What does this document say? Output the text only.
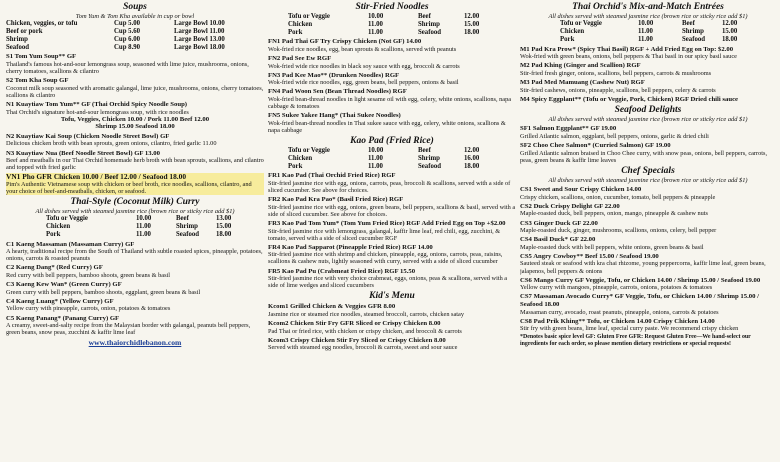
Soups
Tom Yum & Tom Kha available in cup or bowl
Chicken, veggies, or tofu	Cup 5.00	Large Bowl 10.00
Beef or pork	Cup 5.60	Large Bowl 11.00
Shrimp	Cup 6.00	Large Bowl 13.00
Seafood	Cup 8.90	Large Bowl 18.00
S1 Tom Yum Soup** GF
Thailand's famous hot-and-sour lemongrass soup, seasoned with lime juice, mushrooms, onions, cherry tomatoes, scallions & cilantro
S2 Tom Kha Soup GF
Coconut milk soup seasoned with aromatic galangal, lime juice, mushrooms, onions, cherry tomatoes, scallions & cilantro
N1 Kuaytiaw Tom Yum** GF (Thai Orchid Spicy Noodle Soup)
Thai Orchid's signature hot-and-sour lemongrass soup, with rice noodles
Tofu, Veggies, Chicken 10.00 / Pork 11.00 Beef 12.00
Shrimp 15.00 Seafood 18.00
N2 Kuaytiaw Kai Soup (Chicken Noodle Street Bowl) GF
Delicious chicken broth with bean sprouts, green onions, cilantro, fried garlic 11.00
N3 Kuaytiaw Nua (Beef Noodle Street Bowl) GF 13.00
Beef and meatballs in our Thai Orchid homemade herb broth with bean sprouts, scallions, and cilantro and topped with fried garlic
VN1 Pho GFR Chicken 10.00 / Beef 12.00 / Seafood 18.00
Pim's Authentic Vietnamese soup with chicken or beef broth, rice noodles, scallions, cilantro, and your choice of beef-and-meatballs, chicken, or seafood.
Thai-Style (Coconut Milk) Curry
All dishes served with steamed jasmine rice (brown rice or sticky rice add $1)
Tofu or Veggie	10.00	Beef	13.00
Chicken	11.00	Shrimp	15.00
Pork	11.00	Seafood	18.00
C1 Kaeng Massaman (Massaman Curry) GF
A hearty, traditional recipe from the South of Thailand with subtle roasted spices, pineapple, potatoes, onions, carrots & roasted peanuts
C2 Kaeng Dang* (Red Curry) GF
Red curry with bell peppers, bamboo shoots, green beans & basil
C3 Kaeng Kew Wan* (Green Curry) GF
Green curry with bell peppers, bamboo shoots, eggplant, green beans & basil
C4 Kaeng Luang* (Yellow Curry) GF
Yellow curry with pineapple, carrots, onion, potatoes & tomatoes
C5 Kaeng Panang* (Panang Curry) GF
A creamy, sweet-and-salty recipe from the Malaysian border with galangal, peanuts bell peppers, green beans, snow peas, zucchini & kaffir lime leaf
www.thaiorchidlebanon.com
Stir-Fried Noodles
Tofu or Veggie	10.00	Beef	12.00
Chicken	11.00	Shrimp	15.00
Pork	11.00	Seafood	18.00
FN1 Pad Thai GF Try Crispy Chicken (Not GF) 14.00
Wok-fried rice noodles, egg, bean sprouts & scallions, served with peanuts
FN2 Pad See Ew RGF
Wok-fried wide rice noodles in black soy sauce with egg, broccoli & carrots
FN3 Pad Kee Mao** (Drunken Noodles) RGF
Wok-fried wide rice noodles, egg, green beans, bell peppers, onions & basil
FN4 Pad Woon Sen (Bean Thread Noodles) RGF
Wok-fried bean-thread noodles in light sesame oil with egg, celery, white onions, scallions, napa cabbage & tomatoes
FN5 Sukee Yakee Hang* (Thai Sukee Noodles)
Wok-fried bean-thread noodles in Thai sukee sauce with egg, celery, white onions, scallions & napa cabbage
Kao Pad (Fried Rice)
Tofu or Veggie	10.00	Beef	12.00
Chicken	11.00	Shrimp	16.00
Pork	11.00	Seafood	18.00
FR1 Kao Pad (Thai Orchid Fried Rice) RGF
Stir-fried jasmine rice with egg, onions, carrots, peas, broccoli & scallions, served with a side of sliced cucumber. See above for choices.
FR2 Kao Pad Kra Pao* (Basil Fried Rice) RGF
Stir-fried jasmine rice with egg, onions, green beans, bell peppers, scallions & basil, served with a side of sliced cucumber. See above for choices.
FR3 Kao Pad Tom Yum* (Tom Yum Fried Rice) RGF Add Fried Egg on Top +$2.00
Stir-fried jasmine rice with lemongrass, galangal, kaffir lime leaf, red chili, egg, zucchini, & tomato, served with a side of sliced cucumber RGF
FR4 Kao Pad Sapparot (Pineapple Fried Rice) RGF 14.00
Stir-fried jasmine rice with shrimp and chicken, pineapple, egg, onions, carrots, peas, raisins, scallions & cashew nuts, lightly seasoned with curry, served with a side of sliced cucumber
FR5 Kao Pad Pu (Crabmeat Fried Rice) RGF 15.50
Stir-fried jasmine rice with very choice crabmeat, eggs, onions, peas & scallions, served with a side of lime wedges and sliced cucumbers
Kid's Menu
Kcom1 Grilled Chicken & Veggies GFR 8.00
Jasmine rice or steamed rice noodles, steamed broccoli, carrots, chicken satay
Kcom2 Chicken Stir Fry GFR Sliced or Crispy Chicken 8.00
Pad Thai or fried rice, with chicken or crispy chicken, and broccoli & carrots
Kcom3 Crispy Chicken Stir Fry Sliced or Crispy Chicken 8.00
Served with steamed egg noodles, broccoli & carrots, sweet and sour sauce
Thai Orchid's Mix-and-Match Entrées
All dishes served with steamed jasmine rice (brown rice or sticky rice add $1)
Tofu or Veggie	10.00	Beef	12.00
Chicken	11.00	Shrimp	15.00
Pork	11.00	Seafood	18.00
M1 Pad Kra Prow* (Spicy Thai Basil) RGF + Add Fried Egg on Top: $2.00
Wok-fried with green beans, onions, bell peppers & Thai basil in our spicy basil sauce
M2 Pad Khing (Ginger and Scallion) RGF
Stir-fried fresh ginger, onions, scallions, bell peppers, carrots & mushrooms
M3 Pad Med Mamuang (Cashew Nut) RGF
Stir-fried cashews, onions, pineapple, scallions, bell peppers, celery & carrots
M4 Spicy Eggplant** (Tofu or Veggie, Pork, Chicken) RGF Dried chili sauce
Seafood Delights
All dishes served with steamed jasmine rice (brown rice or sticky rice add $1)
SF1 Salmon Eggplant** GF 19.00
Grilled Atlantic salmon, eggplant, bell peppers, onions, garlic & dried chili
SF2 Choo Chee Salmon* (Curried Salmon) GF 19.00
Grilled Atlantic salmon braised in Choo Chee curry, with snow peas, onions, bell peppers, carrots, peas, green beans & kaffir lime leaves
Chef Specials
All dishes served with steamed jasmine rice (brown rice or sticky rice add $1)
CS1 Sweet and Sour Crispy Chicken 14.00
Crispy chicken, scallions, onion, cucumber, tomato, bell peppers & pineapple
CS2 Duck Crispy Delight GF 22.00
Maple-roasted duck, bell peppers, onion, mango, pineapple & cashew nuts
CS3 Ginger Duck GF 22.00
Maple-roasted duck, ginger, mushrooms, scallions, onions, celery, bell pepper
CS4 Basil Duck* GF 22.00
Maple-roasted duck with bell peppers, white onions, green beans & basil
CS5 Angry Cowboy** Beef 15.00 / Seafood 19.00
Sauteed steak or seafood with kra chai rhizome, young peppercorns, kaffir lime leaf, green beans, jalapenos, bell peppers & onions
CS6 Mango Curry GF Veggie, Tofu, or Chicken 14.00 / Shrimp 15.00 / Seafood 19.00
Yellow curry with mangoes, pineapple, carrots, onions, potatoes & tomatoes
CS7 Massaman Avocado Curry* GF Veggie, Tofu, or Chicken 14.00 / Shrimp 15.00 / Seafood 18.00
Massaman curry, avocado, roast peanuts, pineapple, onions, carrots & potatoes
CS8 Pad Prik Khing** Tofu, or Chicken 14.00 Crispy Chicken 14.00
Stir fry with green beans, lime leaf, special curry paste. We recommend crispy chicken
*Denotes basic spice level GF: Gluten Free GFR: Request Gluten Free—We hand-select our ingredients for each order, so please mention dietary restrictions or special requests!
